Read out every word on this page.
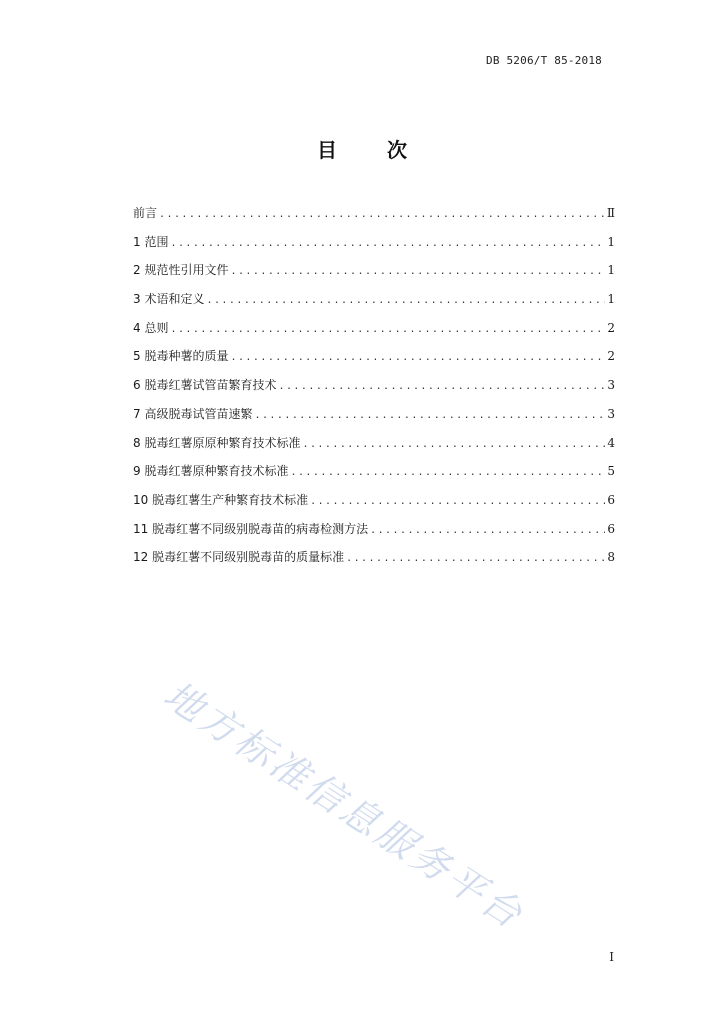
DB 5206/T 85-2018
目	次
前言 .....	Ⅱ
1 范围 .....	1
2 规范性引用文件 .....	1
3 术语和定义 .....	1
4 总则 .....	2
5 脱毒种薯的质量 .....	2
6 脱毒红薯试管苗繁育技术 .....	3
7 高级脱毒试管苗速繁 .....	3
8 脱毒红薯原原种繁育技术标准 .....	4
9 脱毒红薯原种繁育技术标准 .....	5
10 脱毒红薯生产种繁育技术标准 .....	6
11 脱毒红薯不同级别脱毒苗的病毒检测方法 .....	6
12 脱毒红薯不同级别脱毒苗的质量标准 .....	8
地方标准信息服务平台
I
